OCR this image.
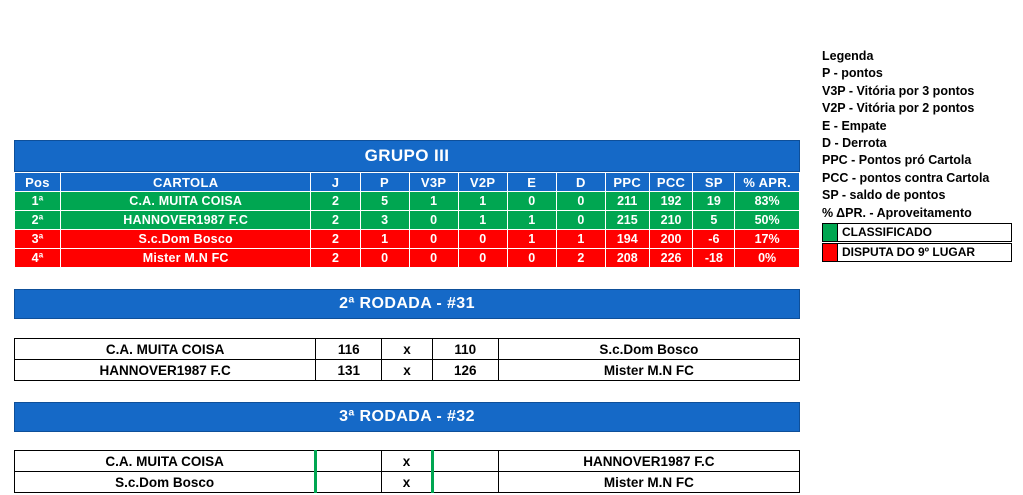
GRUPO III
Pos	CARTOLA	J	P	V3P	V2P	E	D	PPC	PCC	SP	% APR.
1ª	C.A. MUITA COISA	2	5	1	1	0	0	211	192	19	83%
2ª	HANNOVER1987 F.C	2	3	0	1	1	0	215	210	5	50%
3ª	S.c.Dom Bosco	2	1	0	0	1	1	194	200	-6	17%
4ª	Mister M.N FC	2	0	0	0	0	2	208	226	-18	0%
2ª RODADA - #31
C.A. MUITA COISA	116	x	110	S.c.Dom Bosco
HANNOVER1987 F.C	131	x	126	Mister M.N FC
3ª RODADA - #32
C.A. MUITA COISA		x		HANNOVER1987 F.C
S.c.Dom Bosco		x		Mister M.N FC
Legenda
P - pontos
V3P - Vitória por 3 pontos
V2P - Vitória por 2 pontos
E - Empate
D - Derrota
PPC - Pontos pró Cartola
PCC - pontos contra Cartola
SP - saldo de pontos
% ΔPR. - Aproveitamento
CLASSIFICADO
DISPUTA DO 9º LUGAR
